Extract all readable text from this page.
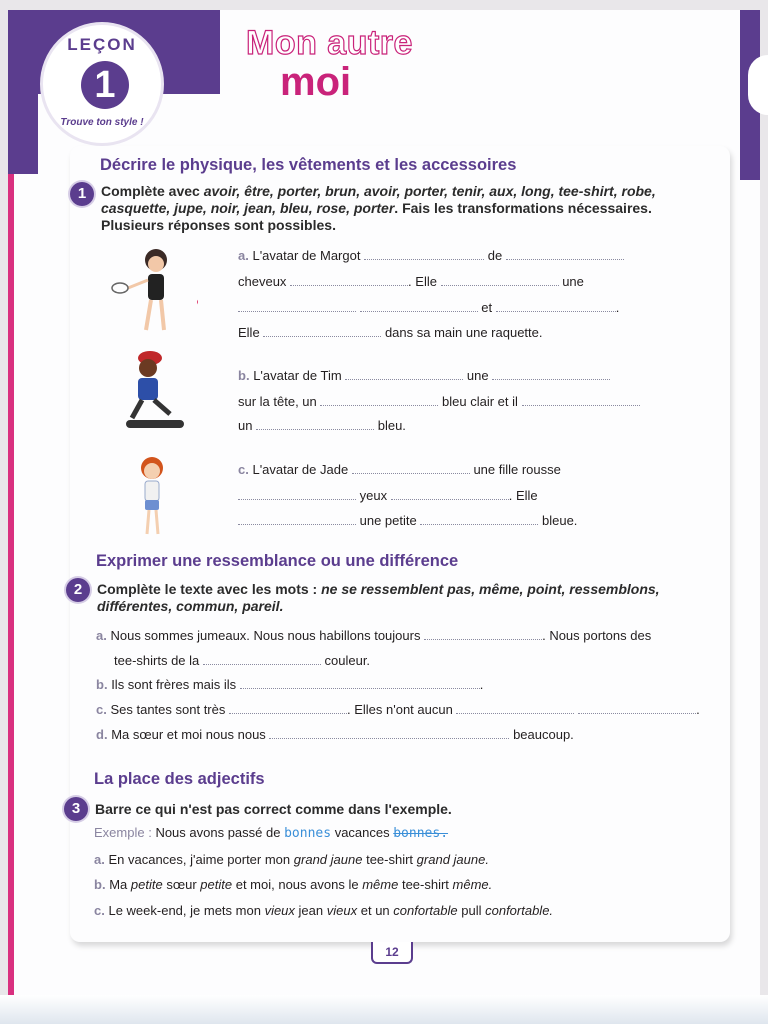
LEÇON
1
Trouve ton style !
Mon autre
moi
Décrire le physique, les vêtements et les accessoires
1	Complète avec avoir, être, porter, brun, avoir, porter, tenir, aux, long, tee-shirt, robe,
casquette, jupe, noir, jean, bleu, rose, porter. Fais les transformations nécessaires.
Plusieurs réponses sont possibles.
a. L'avatar de Margot	de
cheveux	. Elle	une
et	.
Elle	dans sa main une raquette.
b. L'avatar de Tim	une
sur la tête, un	bleu clair et il
un	bleu.
c. L'avatar de Jade	une fille rousse
yeux	. Elle
une petite	bleue.
Exprimer une ressemblance ou une différence
2	Complète le texte avec les mots : ne se ressemblent pas, même, point, ressemblons,
différentes, commun, pareil.
a. Nous sommes jumeaux. Nous nous habillons toujours	. Nous portons des
tee-shirts de la	couleur.
b. Ils sont frères mais ils	.
c. Ses tantes sont très	. Elles n'ont aucun	.
d. Ma sœur et moi nous nous	beaucoup.
La place des adjectifs
3	Barre ce qui n'est pas correct comme dans l'exemple.
Exemple : Nous avons passé de bonnes vacances bonnes.
a. En vacances, j'aime porter mon grand jaune tee-shirt grand jaune.
b. Ma petite sœur petite et moi, nous avons le même tee-shirt même.
c. Le week-end, je mets mon vieux jean vieux et un confortable pull confortable.
12
